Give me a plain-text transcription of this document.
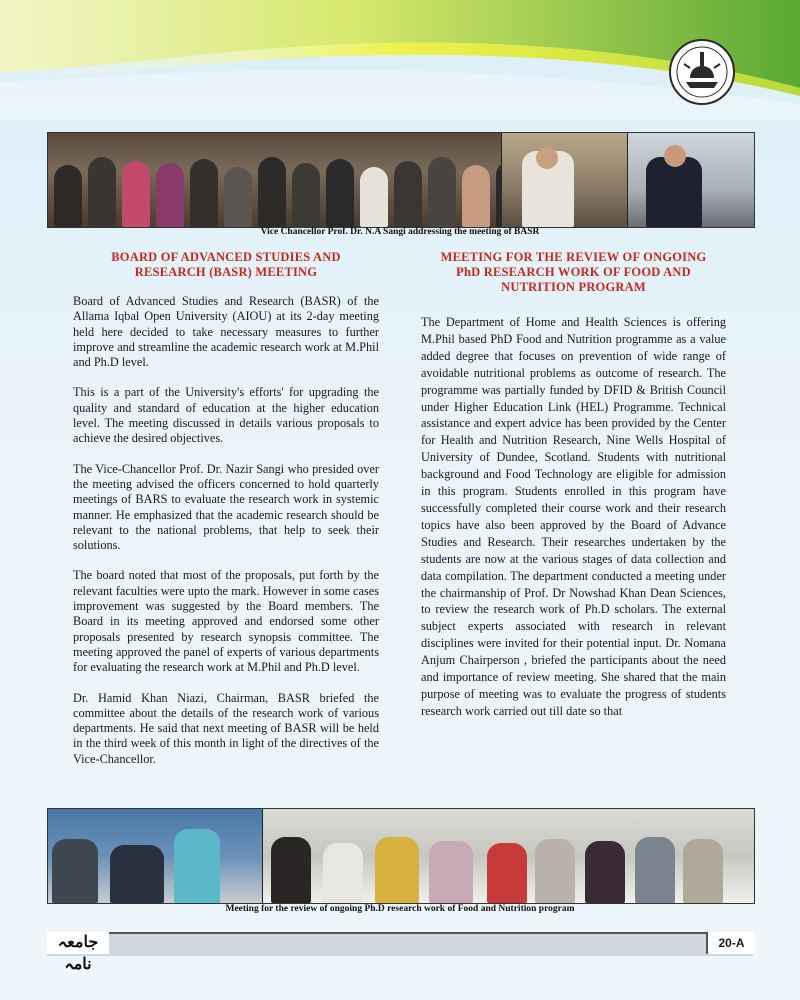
Vice Chancellor Prof. Dr. N.A Sangi addressing the meeting of BASR
BOARD OF ADVANCED STUDIES AND
RESEARCH (BASR) MEETING

Board of Advanced Studies and Research (BASR) of the Allama Iqbal Open University (AIOU) at its 2-day meeting held here decided to take necessary measures to further improve and streamline the academic research work at M.Phil and Ph.D level.

This is a part of the University's efforts' for upgrading the quality and standard of education at the higher education level. The meeting discussed in details various proposals to achieve the desired objectives.

The Vice-Chancellor Prof. Dr. Nazir Sangi who presided over the meeting advised the officers concerned to hold quarterly meetings of BARS to evaluate the research work in systemic manner. He emphasized that the academic research should be relevant to the national problems, that help to seek their solutions.

The board noted that most of the proposals, put forth by the relevant faculties were upto the mark. However in some cases improvement was suggested by the Board members. The Board in its meeting approved and endorsed some other proposals presented by research synopsis committee. The meeting approved the panel of experts of various departments for evaluating the research work at M.Phil and Ph.D level.

Dr. Hamid Khan Niazi, Chairman, BASR briefed the committee about the details of the research work of various departments. He said that next meeting of BASR will be held in the third week of this month in light of the directives of the Vice-Chancellor.

MEETING FOR THE REVIEW OF ONGOING
PhD RESEARCH WORK OF FOOD AND
NUTRITION PROGRAM

The Department of Home and Health Sciences is offering M.Phil based PhD Food and Nutrition programme as a value added degree that focuses on prevention of wide range of avoidable nutritional problems as outcome of research. The programme was partially funded by DFID & British Council under Higher Education Link (HEL) Programme. Technical assistance and expert advice has been provided by the Center for Health and Nutrition Research, Nine Wells Hospital of University of Dundee, Scotland. Students with nutritional background and Food Technology are eligible for admission in this program. Students enrolled in this program have successfully completed their course work and their research topics have also been approved by the Board of Advance Studies and Research. Their researches undertaken by the students are now at the various stages of data collection and data compilation. The department conducted a meeting under the chairmanship of Prof. Dr Nowshad Khan Dean Sciences, to review the research work of Ph.D scholars. The external subject experts associated with research in relevant disciplines were invited for their potential input. Dr. Nomana Anjum Chairperson , briefed the participants about the need and importance of review meeting. She shared that the main purpose of meeting was to evaluate the progress of students research work carried out till date so that

Meeting for the review of ongoing Ph.D research work of Food and Nutrition program
جامعہ نامہ
20-A
